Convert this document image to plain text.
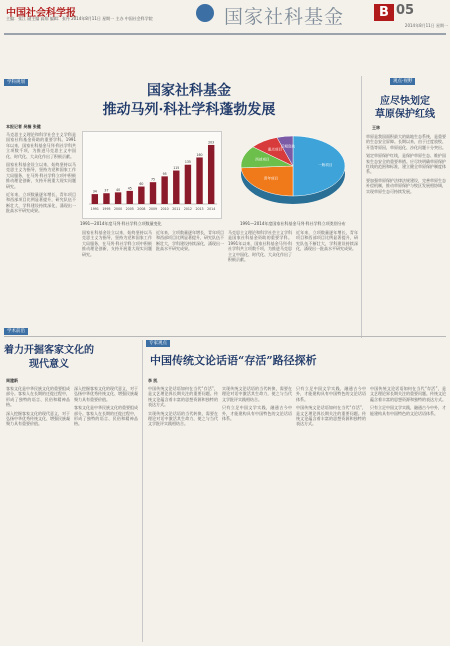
中国社会科学报
主编：张江 副主编 高翔 编辑：张丹 2014年8月11日 星期一 主办 中国社会科学院	国家社科基金	B 05
2014年8月11日 星期一
学科规划
国家社科基金
推动马列·科社学科蓬勃发展
本报记者 吴楠 张健
34
1991
37
1995
40
2000
45
2005
60
2008
75
2009
95
2010
115
2011
135
2012
160
2013
203
2014
1991—2014年度马列·科社学科立项数量变化
一般项目
青年项目
西部项目
重点项目
后期资助
1991—2014年度国家社科基金马列·科社学科立项类别分布

马克思主义理论和科学社会主义学科是国家社科基金资助的重要学科。1991年以来，国家社科基金马列·科社学科共立项数千项，为推进马克思主义中国化、时代化、大众化作出了积极贡献。

国家社科基金设立以来，始终坚持以马克思主义为指导，坚持为党和国家工作大局服务，在马列·科社学科立项中积极推动理论创新，支持开展重大现实问题研究。

近年来，立项数量逐年增长，青年项目和西部项目比例显著提升，研究队伍不断壮大，学科建设持续深化，涌现出一批高水平研究成果。

国家社科基金设立以来，始终坚持以马克思主义为指导，坚持为党和国家工作大局服务，在马列·科社学科立项中积极推动理论创新，支持开展重大现实问题研究。

近年来，立项数量逐年增长，青年项目和西部项目比例显著提升，研究队伍不断壮大，学科建设持续深化，涌现出一批高水平研究成果。

马克思主义理论和科学社会主义学科是国家社科基金资助的重要学科。1991年以来，国家社科基金马列·科社学科共立项数千项，为推进马克思主义中国化、时代化、大众化作出了积极贡献。

近年来，立项数量逐年增长，青年项目和西部项目比例显著提升，研究队伍不断壮大，学科建设持续深化，涌现出一批高水平研究成果。

观点·视野
应尽快划定
草原保护红线
王林

草原是我国面积最大的陆地生态系统，是重要的生态安全屏障。长期以来，由于过度放牧、开垦等原因，草原退化、沙化问题十分突出。

划定草原保护红线，是保护草原生态、维护国家生态安全的重要举措。应尽快明确草原保护红线的范围和标准，建立健全草原保护制度体系。

要加强草原保护法律法规建设，完善草原生态补偿机制，推动草原保护与牧区发展相协调，实现草原生态可持续发展。

学术前沿
着力开掘客家文化的
现代意义
周建新

客家文化是中华民族文化的重要组成部分。客家人在长期的迁徙过程中，形成了独特的语言、民俗和精神品格。

深入挖掘客家文化的现代意义，对于弘扬中华优秀传统文化、增强民族凝聚力具有重要价值。

深入挖掘客家文化的现代意义，对于弘扬中华优秀传统文化、增强民族凝聚力具有重要价值。

客家文化是中华民族文化的重要组成部分。客家人在长期的迁徙过程中，形成了独特的语言、民俗和精神品格。

专家观点
中国传统文论话语“存活”路径探析
李 凯

中国传统文论话语如何在当代“存活”，是文艺理论界长期关注的重要问题。传统文论蕴含着丰富的思想资源和独特的表达方式。

实现传统文论话语的当代转换，需要在理论对话中激活其生命力，使之与当代文学批评实践相结合。

实现传统文论话语的当代转换，需要在理论对话中激活其生命力，使之与当代文学批评实践相结合。

只有立足中国文学实践，融通古今中外，才能建构具有中国特色的文论话语体系。

只有立足中国文学实践，融通古今中外，才能建构具有中国特色的文论话语体系。

中国传统文论话语如何在当代“存活”，是文艺理论界长期关注的重要问题。传统文论蕴含着丰富的思想资源和独特的表达方式。

中国传统文论话语如何在当代“存活”，是文艺理论界长期关注的重要问题。传统文论蕴含着丰富的思想资源和独特的表达方式。

只有立足中国文学实践，融通古今中外，才能建构具有中国特色的文论话语体系。
